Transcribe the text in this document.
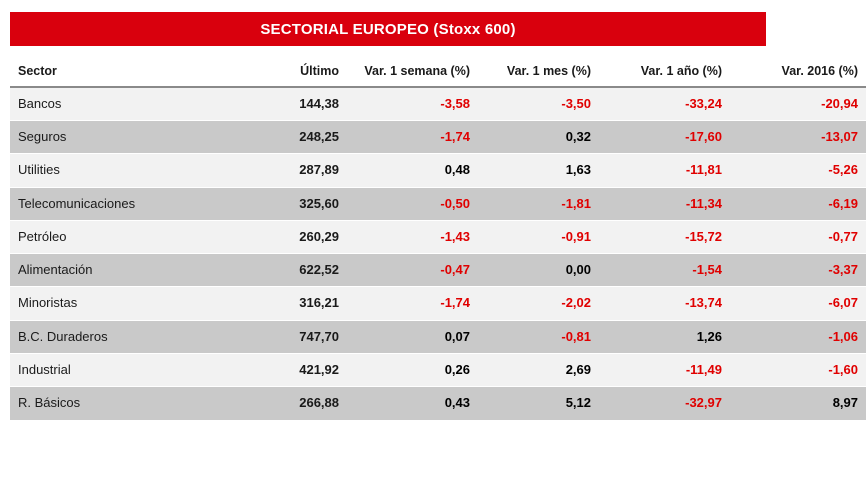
SECTORIAL EUROPEO (Stoxx 600)
Sector	Último	Var. 1 semana (%)	Var. 1 mes (%)	Var. 1 año (%)	Var. 2016 (%)
Bancos	144,38	-3,58	-3,50	-33,24	-20,94
Seguros	248,25	-1,74	0,32	-17,60	-13,07
Utilities	287,89	0,48	1,63	-11,81	-5,26
Telecomunicaciones	325,60	-0,50	-1,81	-11,34	-6,19
Petróleo	260,29	-1,43	-0,91	-15,72	-0,77
Alimentación	622,52	-0,47	0,00	-1,54	-3,37
Minoristas	316,21	-1,74	-2,02	-13,74	-6,07
B.C. Duraderos	747,70	0,07	-0,81	1,26	-1,06
Industrial	421,92	0,26	2,69	-11,49	-1,60
R. Básicos	266,88	0,43	5,12	-32,97	8,97
